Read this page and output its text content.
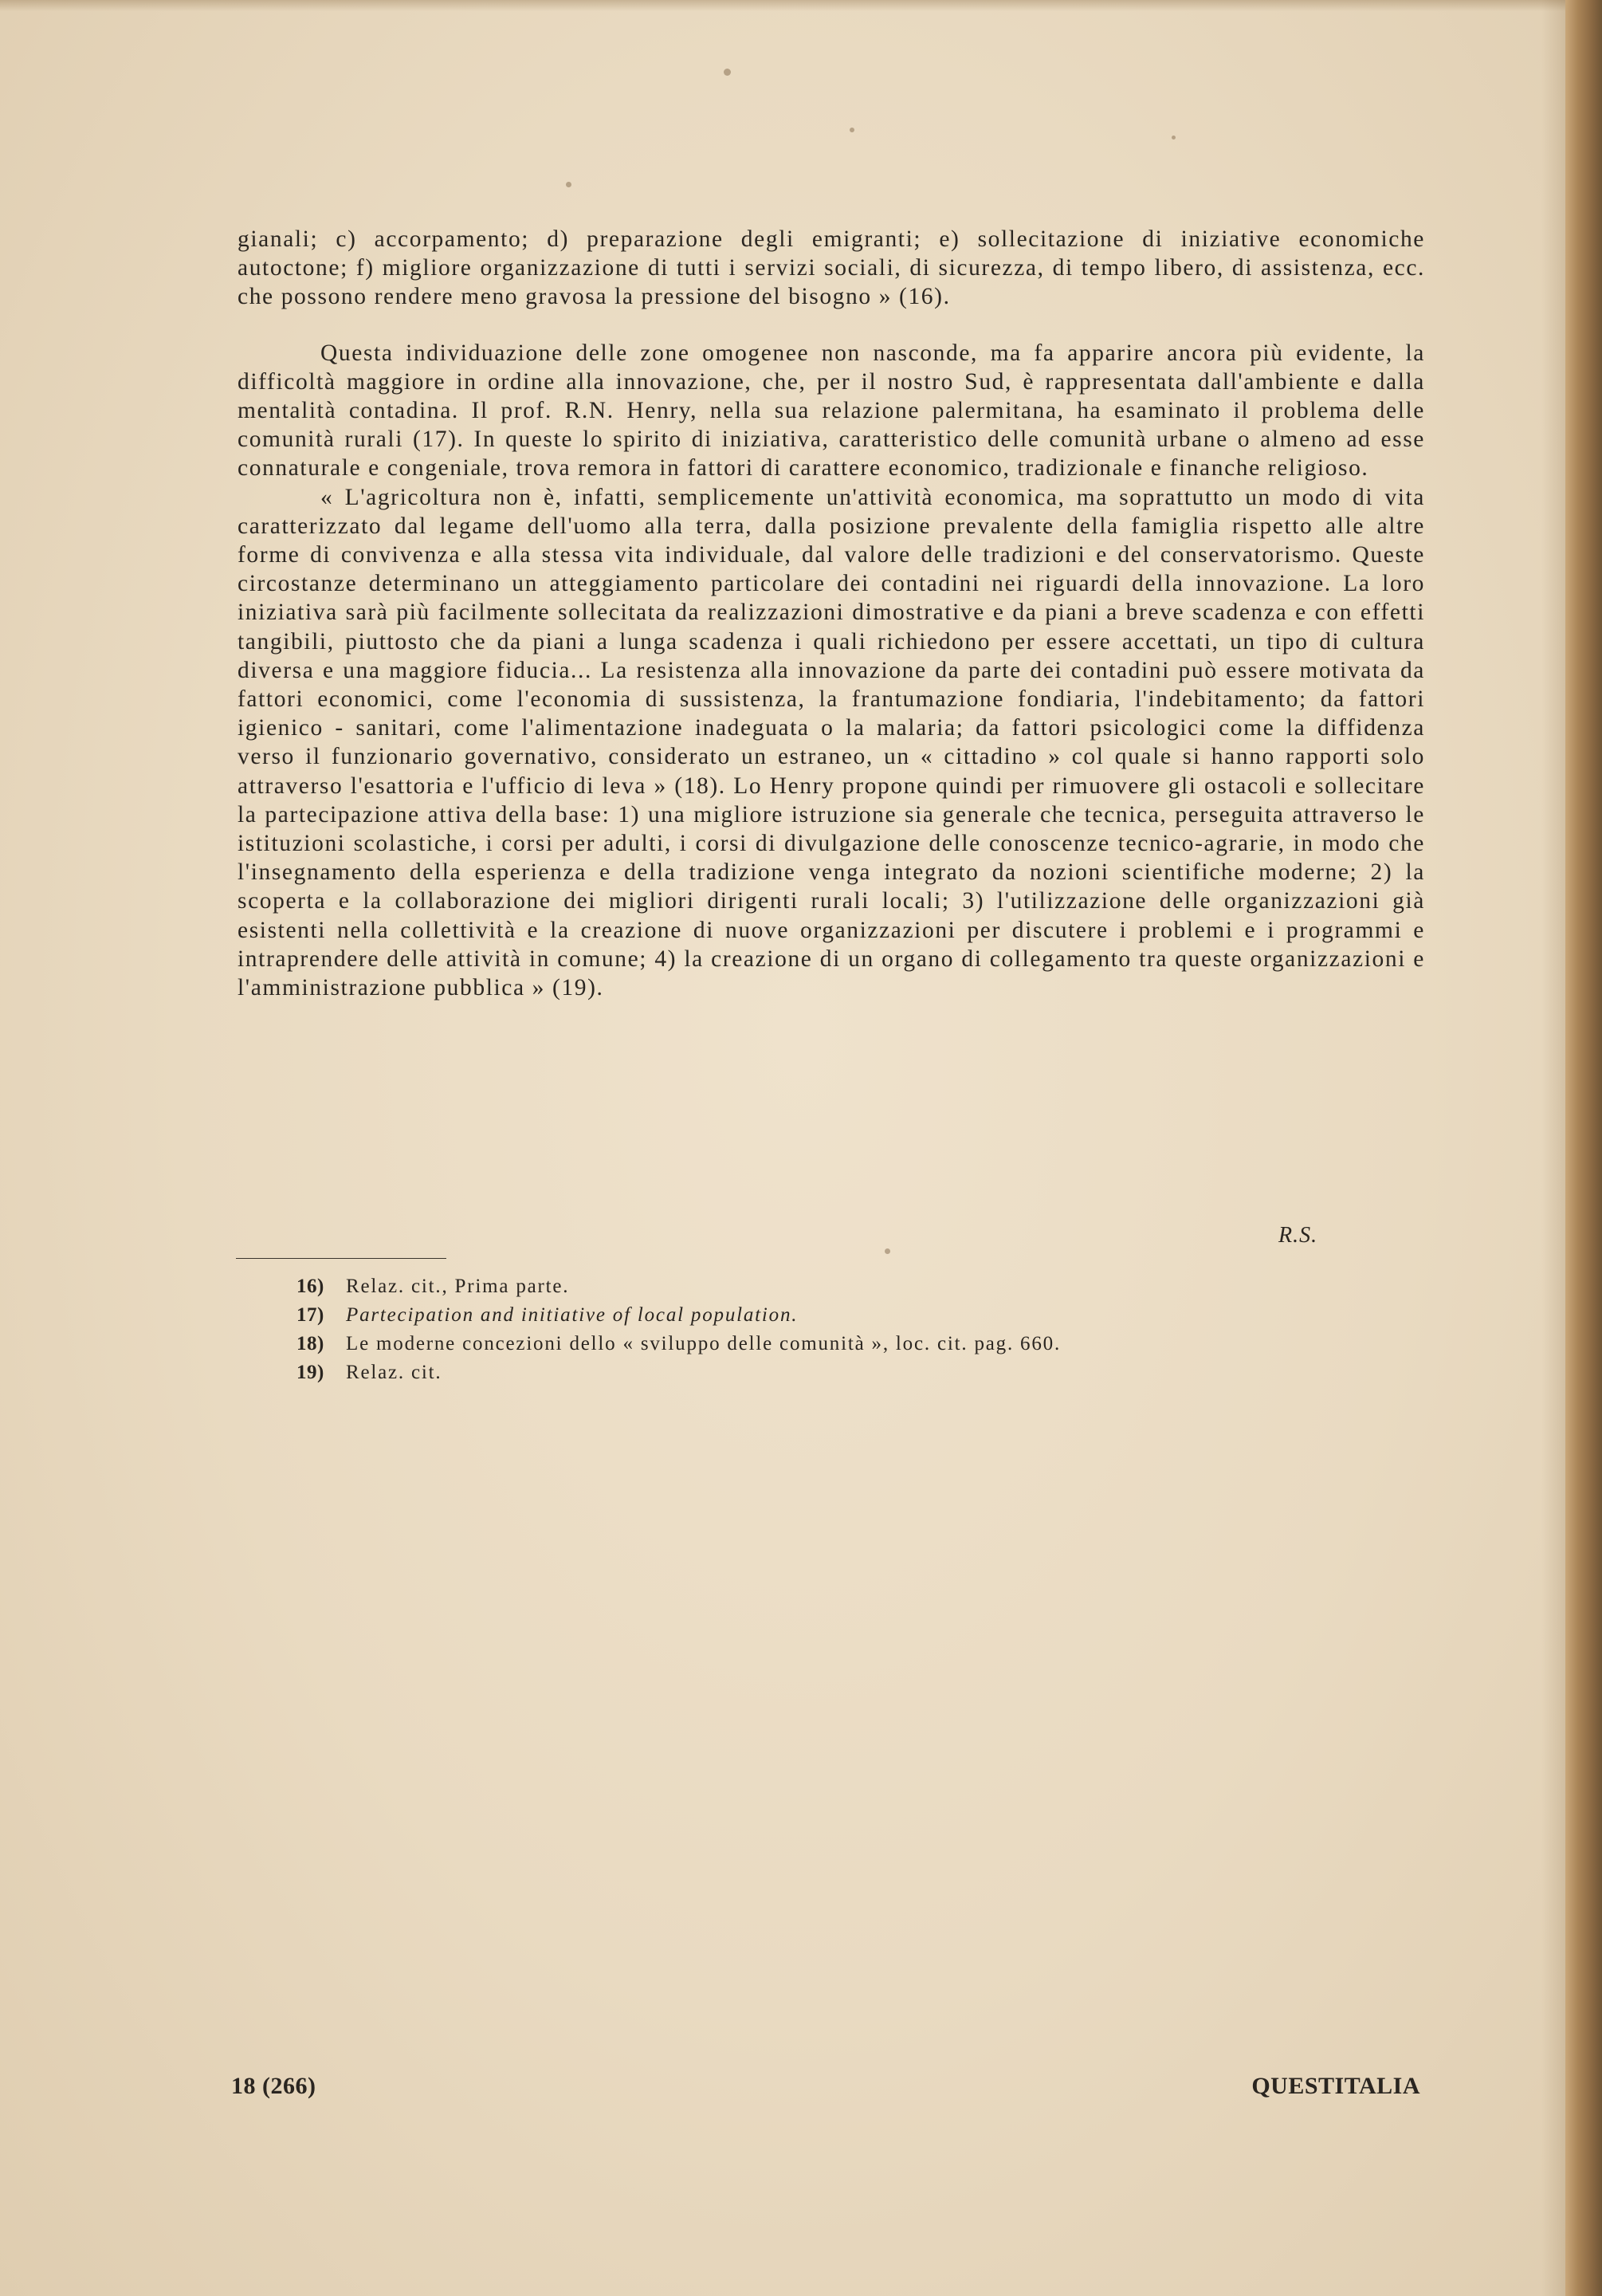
gianali; c) accorpamento; d) preparazione degli emigranti; e) sollecitazione di iniziative economiche autoctone; f) migliore organizzazione di tutti i servizi sociali, di sicurezza, di tempo libero, di assistenza, ecc. che possono rendere meno gravosa la pressione del bisogno » (16).

Questa individuazione delle zone omogenee non nasconde, ma fa apparire ancora più evidente, la difficoltà maggiore in ordine alla innovazione, che, per il nostro Sud, è rappresentata dall'ambiente e dalla mentalità contadina. Il prof. R.N. Henry, nella sua relazione palermitana, ha esaminato il problema delle comunità rurali (17). In queste lo spirito di iniziativa, caratteristico delle comunità urbane o almeno ad esse connaturale e congeniale, trova remora in fattori di carattere economico, tradizionale e finanche religioso.

« L'agricoltura non è, infatti, semplicemente un'attività economica, ma soprattutto un modo di vita caratterizzato dal legame dell'uomo alla terra, dalla posizione prevalente della famiglia rispetto alle altre forme di convivenza e alla stessa vita individuale, dal valore delle tradizioni e del conservatorismo. Queste circostanze determinano un atteggiamento particolare dei contadini nei riguardi della innovazione. La loro iniziativa sarà più facilmente sollecitata da realizzazioni dimostrative e da piani a breve scadenza e con effetti tangibili, piuttosto che da piani a lunga scadenza i quali richiedono per essere accettati, un tipo di cultura diversa e una maggiore fiducia... La resistenza alla innovazione da parte dei contadini può essere motivata da fattori economici, come l'economia di sussistenza, la frantumazione fondiaria, l'indebitamento; da fattori igienico - sanitari, come l'alimentazione inadeguata o la malaria; da fattori psicologici come la diffidenza verso il funzionario governativo, considerato un estraneo, un « cittadino » col quale si hanno rapporti solo attraverso l'esattoria e l'ufficio di leva » (18). Lo Henry propone quindi per rimuovere gli ostacoli e sollecitare la partecipazione attiva della base: 1) una migliore istruzione sia generale che tecnica, perseguita attraverso le istituzioni scolastiche, i corsi per adulti, i corsi di divulgazione delle conoscenze tecnico-agrarie, in modo che l'insegnamento della esperienza e della tradizione venga integrato da nozioni scientifiche moderne; 2) la scoperta e la collaborazione dei migliori dirigenti rurali locali; 3) l'utilizzazione delle organizzazioni già esistenti nella collettività e la creazione di nuove organizzazioni per discutere i problemi e i programmi e intraprendere delle attività in comune; 4) la creazione di un organo di collegamento tra queste organizzazioni e l'amministrazione pubblica » (19).

R.S.
16) Relaz. cit., Prima parte.
17) Partecipation and initiative of local population.
18) Le moderne concezioni dello « sviluppo delle comunità », loc. cit. pag. 660.
19) Relaz. cit.
18 (266)	QUESTITALIA
